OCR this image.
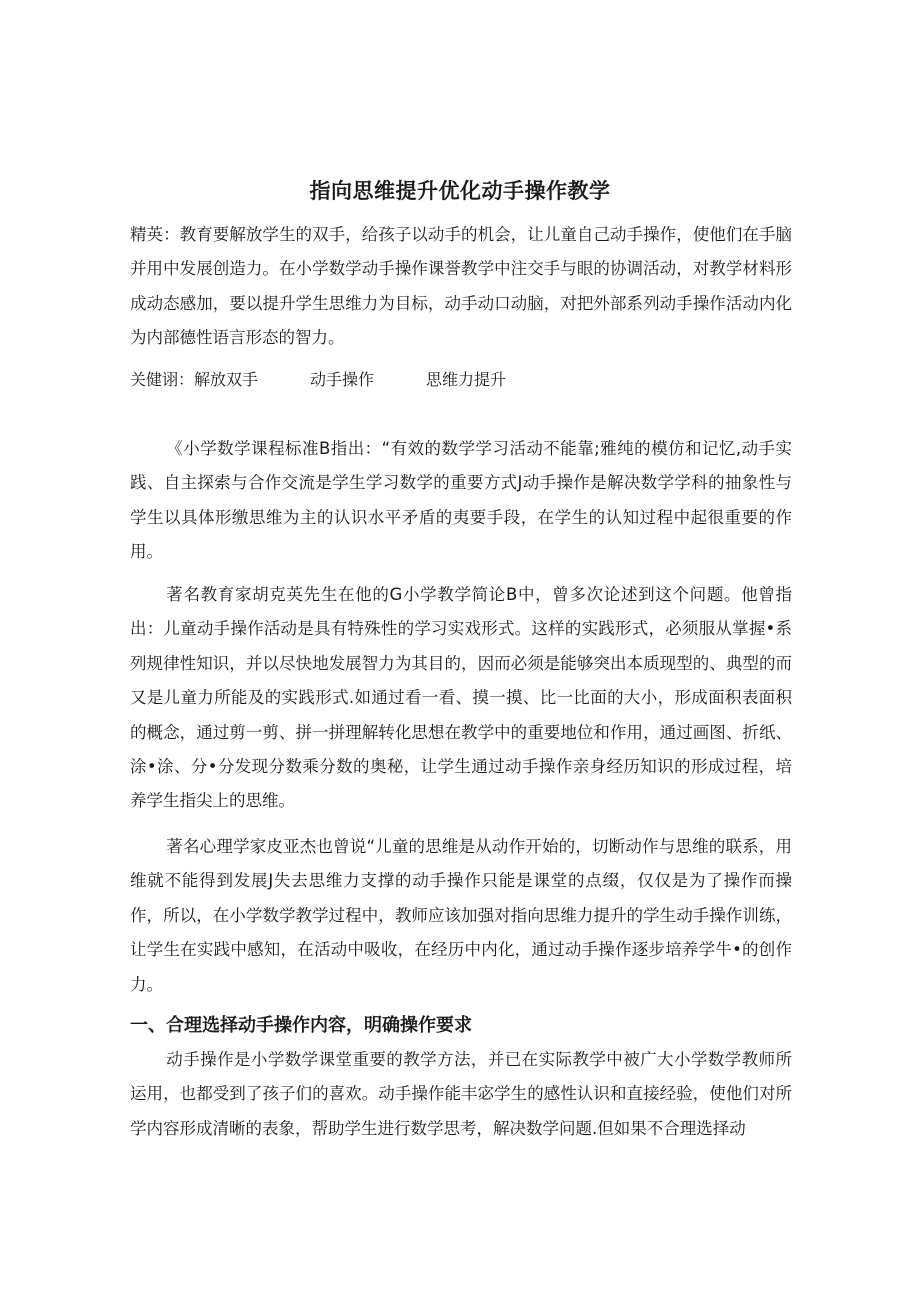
指向思维提升优化动手操作教学
精英：教育要解放学生的双手，给孩子以动手的机会，让儿童自己动手操作，使他们在手脑并用中发展创造力。在小学数学动手操作课誉教学中注交手与眼的协调活动，对教学材料形成动态感加，要以提升学生思维力为目标，动手动口动脑，对把外部系列动手操作活动内化为内部德性语言形态的智力。
关健诩：解放双手	动手操作	思维力提升
《小学数学课程标准B指出：“有效的数学学习活动不能靠;雅纯的模仿和记忆,动手实践、自主探索与合作交流是学生学习数学的重要方式J动手操作是解决数学学科的抽象性与学生以具体形缴思维为主的认识水平矛盾的夷要手段，在学生的认知过程中起很重要的作用。
著名教育家胡克英先生在他的G小学教学简论B中，曾多次论述到这个问题。他曾指出：儿童动手操作活动是具有特殊性的学习实戏形式。这样的实践形式，必须服从掌握•系列规律性知识，并以尽快地发展智力为其目的，因而必须是能够突出本质现型的、典型的而又是儿童力所能及的实践形式.如通过看一看、摸一摸、比一比面的大小，形成面积表面积的概念，通过剪一剪、拼一拼理解转化思想在教学中的重要地位和作用，通过画图、折纸、涂•涂、分•分发现分数乘分数的奥秘，让学生通过动手操作亲身经历知识的形成过程，培养学生指尖上的思维。
著名心理学家皮亚杰也曾说“儿童的思维是从动作开始的，切断动作与思维的联系，用维就不能得到发展J失去思维力支撑的动手操作只能是课堂的点缀，仅仅是为了操作而操作，所以，在小学数学教学过程中，教师应该加强对指向思维力提升的学生动手操作训练，让学生在实践中感知，在活动中吸收，在经历中内化，通过动手操作逐步培养学牛•的创作力。
一、合理选择动手操作内容，明确操作要求
动手操作是小学数学课堂重要的教学方法，并已在实际教学中被广大小学数学教师所运用，也都受到了孩子们的喜欢。动手操作能丰宓学生的感性认识和直接经验，使他们对所学内容形成清晰的表象，帮助学生进行数学思考，解决数学问题.但如果不合理选择动
